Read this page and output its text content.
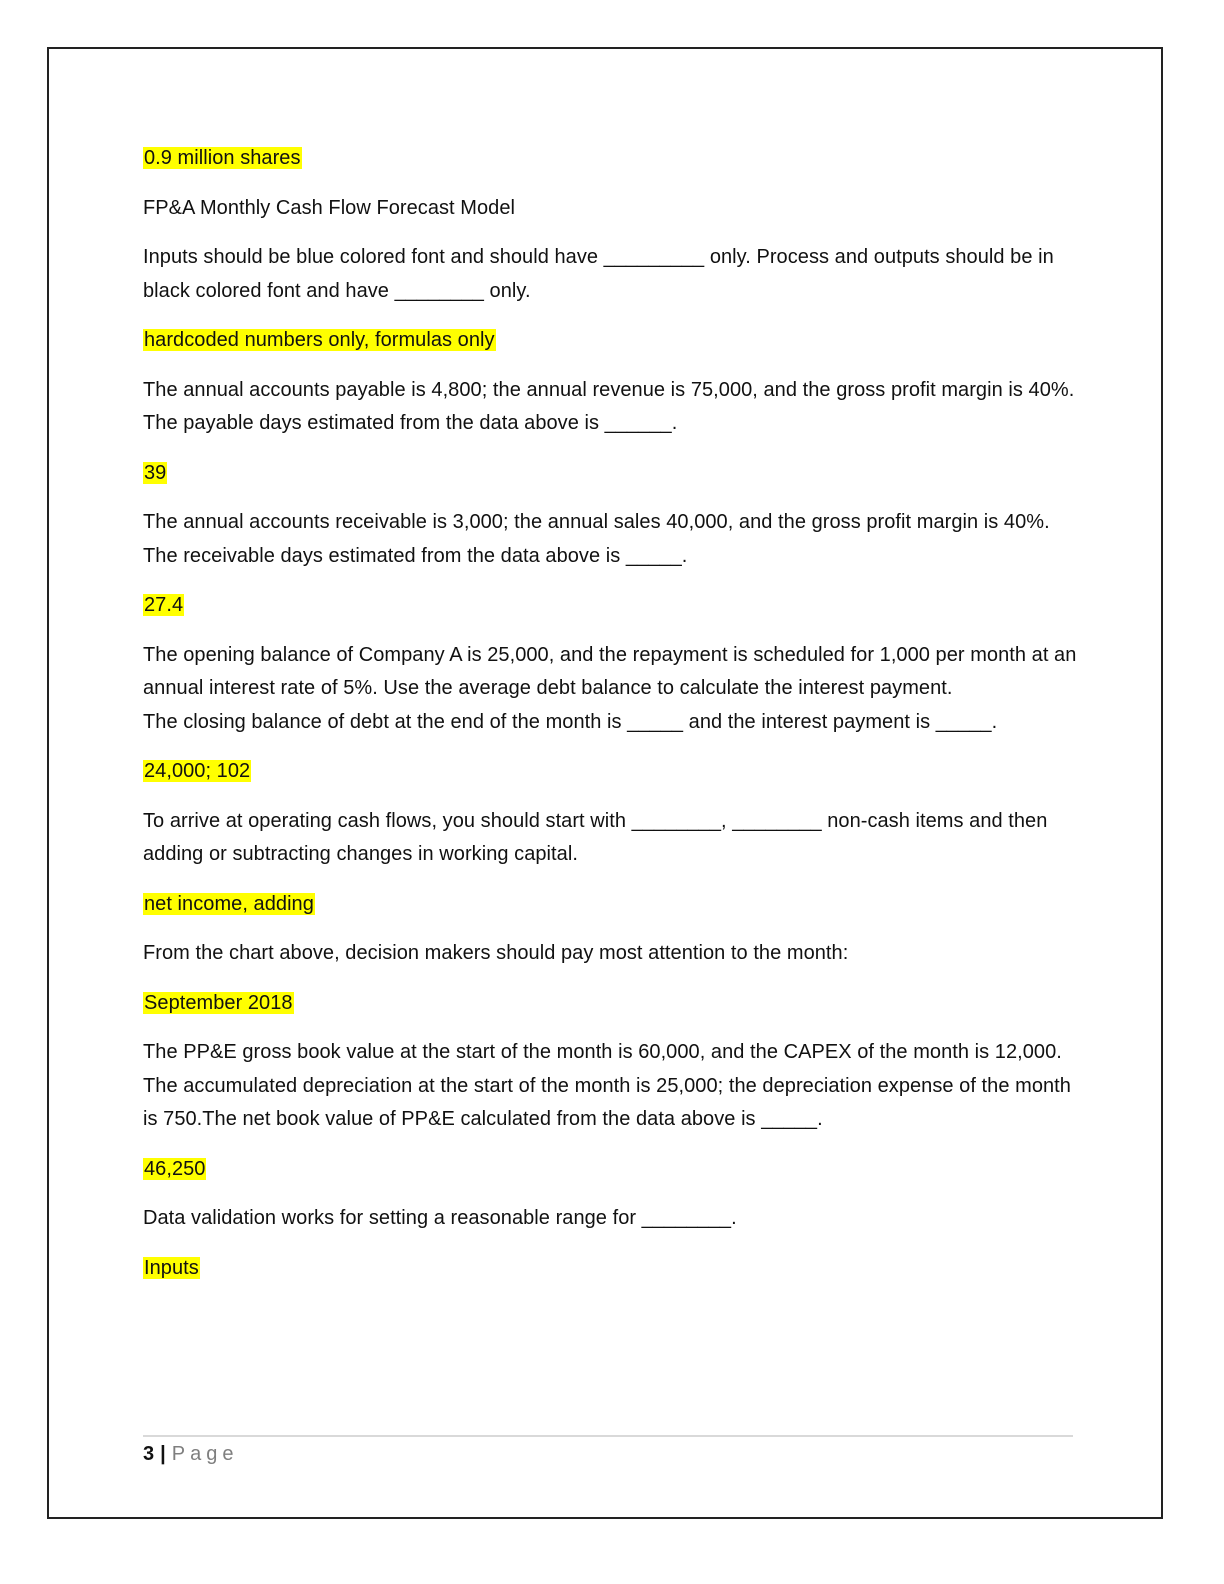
0.9 million shares

FP&A Monthly Cash Flow Forecast Model

Inputs should be blue colored font and should have _________ only. Process and outputs should be in black colored font and have ________ only.

hardcoded numbers only, formulas only

The annual accounts payable is 4,800; the annual revenue is 75,000, and the gross profit margin is 40%. The payable days estimated from the data above is ______.

39

The annual accounts receivable is 3,000; the annual sales 40,000, and the gross profit margin is 40%.
The receivable days estimated from the data above is _____.

27.4

The opening balance of Company A is 25,000, and the repayment is scheduled for 1,000 per month at an annual interest rate of 5%. Use the average debt balance to calculate the interest payment.
The closing balance of debt at the end of the month is _____ and the interest payment is _____.

24,000; 102

To arrive at operating cash flows, you should start with ________, ________ non-cash items and then adding or subtracting changes in working capital.

net income, adding

From the chart above, decision makers should pay most attention to the month:

September 2018

The PP&E gross book value at the start of the month is 60,000, and the CAPEX of the month is 12,000. The accumulated depreciation at the start of the month is 25,000; the depreciation expense of the month is 750.The net book value of PP&E calculated from the data above is _____.

46,250

Data validation works for setting a reasonable range for ________.

Inputs

3 | Page
